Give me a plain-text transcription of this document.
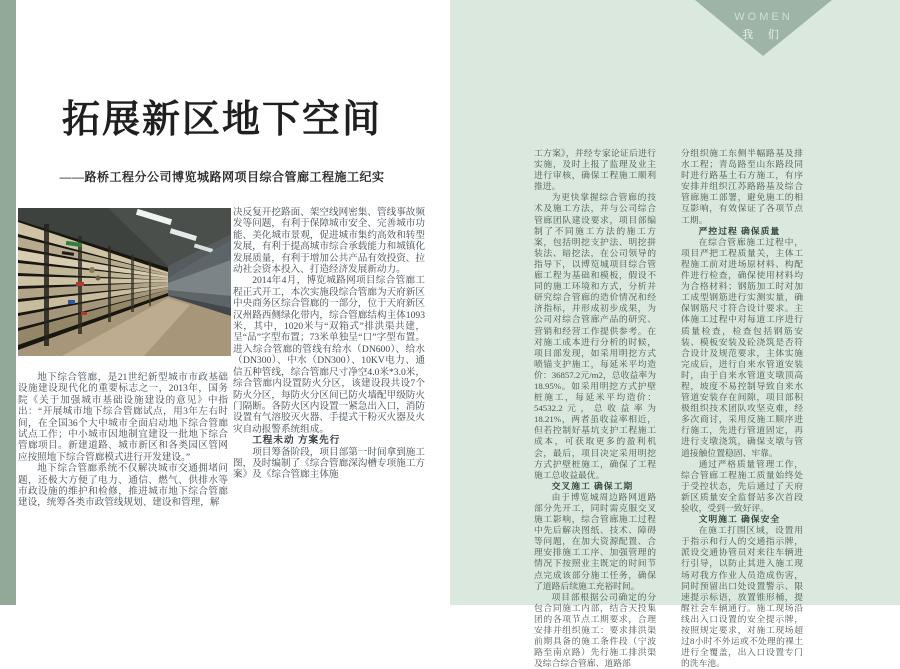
拓展新区地下空间
——路桥工程分公司博览城路网项目综合管廊工程施工纪实

地下综合管廊，是21世纪新型城市市政基础设施建设现代化的重要标志之一，2013年，国务院《关于加强城市基础设施建设的意见》中指出：“开展城市地下综合管廊试点，用3年左右时间，在全国36个大中城市全面启动地下综合管廊试点工作；中小城市因地制宜建设一批地下综合管廊项目。新建道路、城市新区和各类园区管网应按照地下综合管廊模式进行开发建设。”

地下综合管廊系统不仅解决城市交通拥堵问题，还极大方便了电力、通信、燃气、供排水等市政设施的维护和检修，推进城市地下综合管廊建设，统筹各类市政管线规划、建设和管理，解

决反复开挖路面、架空线网密集、管线事故频发等问题，有利于保障城市安全、完善城市功能、美化城市景观，促进城市集约高效和转型发展，有利于提高城市综合承载能力和城镇化发展质量，有利于增加公共产品有效投资、拉动社会资本投入、打造经济发展新动力。

2014年4月，博览城路网项目综合管廊工程正式开工，本次实施段综合管廊为天府新区中央商务区综合管廊的一部分，位于天府新区汉州路西侧绿化带内，综合管廊结构主体1093米，其中，1020米与“双箱式”排洪渠共建，呈“品”字型布置；73米单独呈“口”字型布置。进入综合管廊的管线有给水（DN600）、给水（DN300）、中水（DN300）、10KV电力、通信五种管线，综合管廊尺寸净空4.0米*3.0米，综合管廊内设置防火分区，该建设段共设7个防火分区，每防火分区间已防火墙配甲级防火门隔断。各防火区内设置一紧急出入口，消防设置有气溶胶灭火器、手提式干粉灭火器及火灾自动报警系统组成。

工程未动 方案先行

项目筹备阶段，项目部第一时间拿到施工图，及时编制了《综合管廊深沟槽专项施工方案》及《综合管廊主体施

WOMEN
我 们

工方案》，并经专家论证后进行实施，及时上报了监理及业主进行审核，确保工程施工顺利推进。

为更快掌握综合管廊的技术及施工方法，并与公司综合管廊团队建设要求，项目部编制了不同施工方法的施工方案，包括明挖支护法、明挖拼装法、暗挖法，在公司领导的指导下，以博览城项目综合管廊工程为基础和模板，假设不同的施工环境和方式，分析并研究综合管廊的造价情况和经济指标，并形成初步成果，为公司对综合管廊产品的研究、营销和经营工作提供参考。在对施工成本进行分析的时候，项目部发现，如采用明挖方式喷锚支护施工，每延米平均造价：36857.2元/m2，总收益率为18.95%。如采用明挖方式护壁桩施工，每延米平均造价：54532.2元，总收益率为18.21%，两者虽收益率相近，但若控制好基坑支护工程施工成本，可获取更多的盈利机会，最后，项目决定采用明挖方式护壁桩施工，确保了工程施工总收益最优。

交叉施工 确保工期

由于博览城周边路网道路部分先开工，同时需克服交叉施工影响，综合管廊施工过程中先后解决图纸、技术、障碍等问题，在加大资源配置、合理安排施工工序、加强管理的情况下按照业主既定的时间节点完成该部分施工任务，确保了道路后续施工充裕时间。

项目部根据公司确定的分包合同施工内部，结合天投集团的各项节点工期要求，合理安排并组织施工：要求排洪渠前期具备的施工条件段（宁波路至南京路）先行施工排洪渠及综合综合管廊、道路部

分组织施工东侧半幅路基及排水工程；青岛路至山东路段同时进行路基土石方施工，有序安排并组织江苏路路基及综合管廊施工部署，避免施工的相互影响，有效保证了各项节点工期。

严控过程 确保质量

在综合管廊施工过程中，项目严把工程质量关，主体工程施工前对进场原材料、构配件进行检查，确保使用材料均为合格材料；钢筋加工时对加工成型钢筋进行实测实量，确保钢筋尺寸符合设计要求。主体施工过程中对每道工序进行质量检查，检查包括钢筋安装、模板安装及砼浇筑是否符合设计及规范要求，主体实施完成后，进行自来水管道安装时，由于自来水管道支墩顶高程，坡度不易控制导致自来水管道安装存在间隙，项目部积极组织技术团队攻坚克难，经多次商讨，采用反施工顺序进行施工，先进行管道固定，再进行支墩浇筑，确保支墩与管道接触位置稳固、牢靠。

通过严格质量管理工作，综合管廊工程施工质量始终处于受控状态，先后通过了天府新区质量安全监督站多次首段验收，受到一致好评。

文明施工 确保安全

在施工打围区域，设置用于指示和行人的交通指示牌，派设交通协管员对来往车辆进行引导，以防止其进入施工现场对我方作业人员造成伤害，同时预留出口处设置警示、限速提示标语，放置锥形桶，提醒社会车辆通行。施工现场沿线出入口设置的安全提示牌，按照规定要求，对施工现场超过8小时不外运或不处理的裸土进行全覆盖，出入口设置专门的洗车池。
